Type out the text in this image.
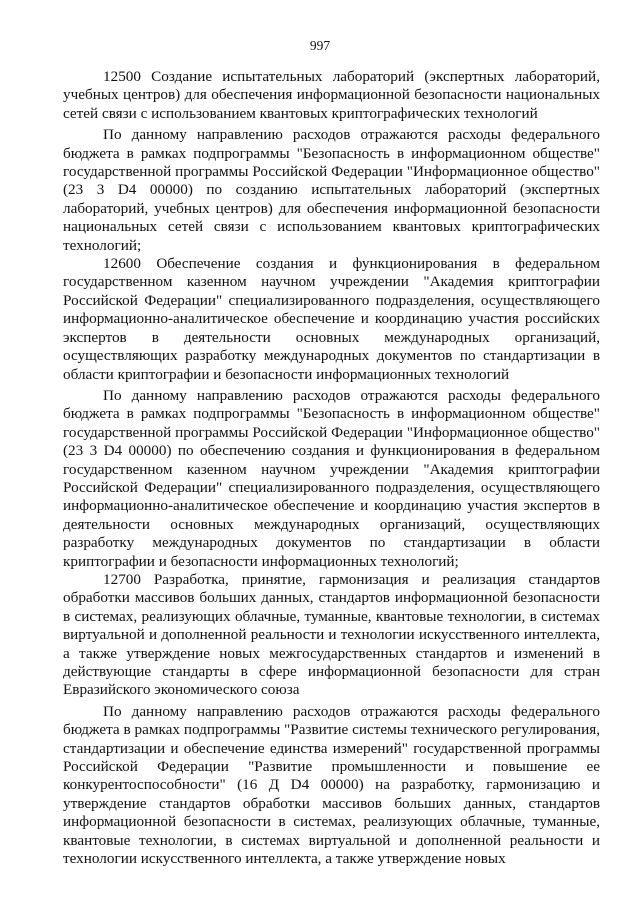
997

12500 Создание испытательных лабораторий (экспертных лабораторий, учебных центров) для обеспечения информационной безопасности национальных сетей связи с использованием квантовых криптографических технологий

По данному направлению расходов отражаются расходы федерального бюджета в рамках подпрограммы "Безопасность в информационном обществе" государственной программы Российской Федерации "Информационное общество" (23 3 D4 00000) по созданию испытательных лабораторий (экспертных лабораторий, учебных центров) для обеспечения информационной безопасности национальных сетей связи с использованием квантовых криптографических технологий;

12600 Обеспечение создания и функционирования в федеральном государственном казенном научном учреждении "Академия криптографии Российской Федерации" специализированного подразделения, осуществляющего информационно-аналитическое обеспечение и координацию участия российских экспертов в деятельности основных международных организаций, осуществляющих разработку международных документов по стандартизации в области криптографии и безопасности информационных технологий

По данному направлению расходов отражаются расходы федерального бюджета в рамках подпрограммы "Безопасность в информационном обществе" государственной программы Российской Федерации "Информационное общество" (23 3 D4 00000) по обеспечению создания и функционирования в федеральном государственном казенном научном учреждении "Академия криптографии Российской Федерации" специализированного подразделения, осуществляющего информационно-аналитическое обеспечение и координацию участия экспертов в деятельности основных международных организаций, осуществляющих разработку международных документов по стандартизации в области криптографии и безопасности информационных технологий;

12700 Разработка, принятие, гармонизация и реализация стандартов обработки массивов больших данных, стандартов информационной безопасности в системах, реализующих облачные, туманные, квантовые технологии, в системах виртуальной и дополненной реальности и технологии искусственного интеллекта, а также утверждение новых межгосударственных стандартов и изменений в действующие стандарты в сфере информационной безопасности для стран Евразийского экономического союза

По данному направлению расходов отражаются расходы федерального бюджета в рамках подпрограммы "Развитие системы технического регулирования, стандартизации и обеспечение единства измерений" государственной программы Российской Федерации "Развитие промышленности и повышение ее конкурентоспособности" (16 Д D4 00000) на разработку, гармонизацию и утверждение стандартов обработки массивов больших данных, стандартов информационной безопасности в системах, реализующих облачные, туманные, квантовые технологии, в системах виртуальной и дополненной реальности и технологии искусственного интеллекта, а также утверждение новых
